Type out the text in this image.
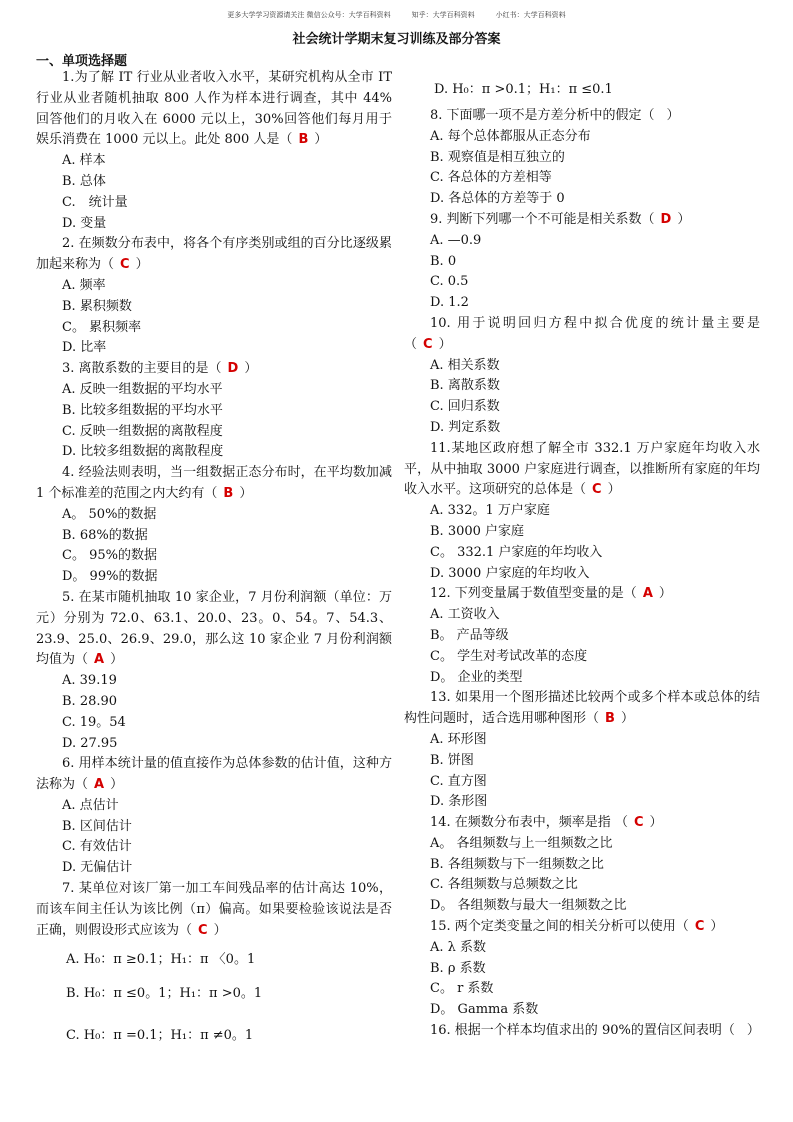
更多大学学习资源请关注 微信公众号：大学百科资料　　　知乎：大学百科资料　　　小红书：大学百科资料
社会统计学期末复习训练及部分答案
一、单项选择题

1.为了解 IT 行业从业者收入水平，某研究机构从全市 IT 行业从业者随机抽取 800 人作为样本进行调查，其中 44% 回答他们的月收入在 6000 元以上，30%回答他们每月用于娱乐消费在 1000 元以上。此处 800 人是（ B ）

A. 样本

B. 总体

C.　统计量

D. 变量

2. 在频数分布表中，将各个有序类别或组的百分比逐级累加起来称为（ C ）

A. 频率

B. 累积频数

C。 累积频率

D. 比率

3. 离散系数的主要目的是（ D ）

A. 反映一组数据的平均水平

B. 比较多组数据的平均水平

C. 反映一组数据的离散程度

D. 比较多组数据的离散程度

4. 经验法则表明，当一组数据正态分布时，在平均数加减 1 个标准差的范围之内大约有（ B ）

A。 50%的数据

B. 68%的数据

C。 95%的数据

D。 99%的数据

5. 在某市随机抽取 10 家企业，7 月份利润额（单位：万元）分别为 72.0、63.1、20.0、23。0、54。7、54.3、23.9、25.0、26.9、29.0，那么这 10 家企业 7 月份利润额均值为（ A ）

A. 39.19

B. 28.90

C. 19。54

D. 27.95

6. 用样本统计量的值直接作为总体参数的估计值，这种方法称为（ A ）

A. 点估计

B. 区间估计

C. 有效估计

D. 无偏估计

7. 某单位对该厂第一加工车间残品率的估计高达 10%，而该车间主任认为该比例（π）偏高。如果要检验该说法是否正确，则假设形式应该为（ C ）

A. H₀：π ≥0.1；H₁：π 〈0。1

B. H₀：π ≤0。1；H₁：π >0。1

C. H₀：π =0.1；H₁：π ≠0。1

D. H₀：π >0.1；H₁：π ≤0.1

8. 下面哪一项不是方差分析中的假定（ ）

A. 每个总体都服从正态分布

B. 观察值是相互独立的

C. 各总体的方差相等

D. 各总体的方差等于 0

9. 判断下列哪一个不可能是相关系数（ D ）

A. —0.9

B. 0

C. 0.5

D. 1.2

10. 用于说明回归方程中拟合优度的统计量主要是（ C ）

A. 相关系数

B. 离散系数

C. 回归系数

D. 判定系数

11.某地区政府想了解全市 332.1 万户家庭年均收入水平，从中抽取 3000 户家庭进行调查，以推断所有家庭的年均收入水平。这项研究的总体是（ C ）

A. 332。1 万户家庭

B. 3000 户家庭

C。 332.1 户家庭的年均收入

D. 3000 户家庭的年均收入

12. 下列变量属于数值型变量的是（ A ）

A. 工资收入

B。 产品等级

C。 学生对考试改革的态度

D。 企业的类型

13. 如果用一个图形描述比较两个或多个样本或总体的结构性问题时，适合选用哪种图形（ B ）

A. 环形图

B. 饼图

C. 直方图

D. 条形图

14. 在频数分布表中，频率是指 （ C ）

A。 各组频数与上一组频数之比

B. 各组频数与下一组频数之比

C. 各组频数与总频数之比

D。 各组频数与最大一组频数之比

15. 两个定类变量之间的相关分析可以使用（ C ）

A. λ 系数

B. ρ 系数

C。 r 系数

D。 Gamma 系数

16. 根据一个样本均值求出的 90%的置信区间表明（ ）
